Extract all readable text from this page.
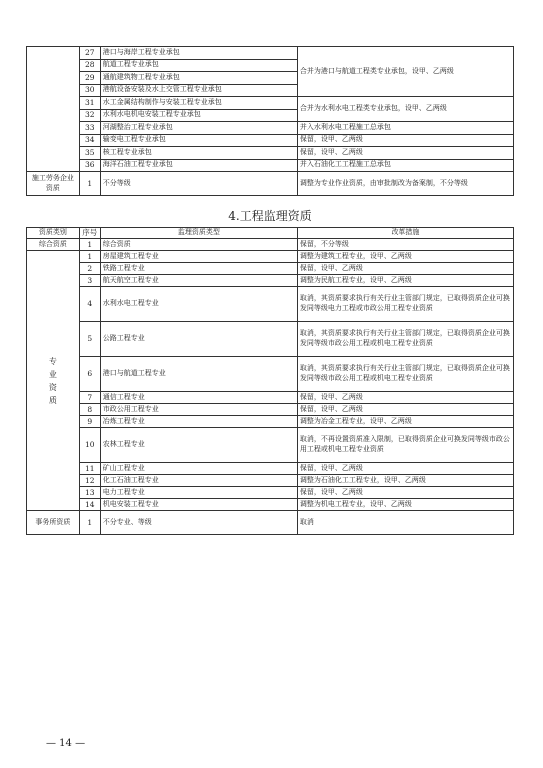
	27	港口与海岸工程专业承包	合并为港口与航道工程类专业承包，设甲、乙两级
	28	航道工程专业承包	
	29	通航建筑物工程专业承包	
	30	港航设备安装及水上交管工程专业承包	
	31	水工金属结构制作与安装工程专业承包	合并为水利水电工程类专业承包，设甲、乙两级
	32	水利水电机电安装工程专业承包	
	33	河湖整治工程专业承包	并入水利水电工程施工总承包
	34	输变电工程专业承包	保留，设甲、乙两级
	35	核工程专业承包	保留，设甲、乙两级
	36	海洋石油工程专业承包	并入石油化工工程施工总承包
施工劳务企业资质	1	不分等级	调整为专业作业资质，由审批制改为备案制，不分等级
4.工程监理资质
资质类别	序号	监理资质类型	改革措施
综合资质	1	综合资质	保留，不分等级
专业资质	1	房屋建筑工程专业	调整为建筑工程专业，设甲、乙两级
	2	铁路工程专业	保留，设甲、乙两级
	3	航天航空工程专业	调整为民航工程专业，设甲、乙两级
	4	水利水电工程专业	取消，其资质要求执行有关行业主管部门规定，已取得资质企业可换发同等级电力工程或市政公用工程专业资质
	5	公路工程专业	取消，其资质要求执行有关行业主管部门规定，已取得资质企业可换发同等级市政公用工程或机电工程专业资质
	6	港口与航道工程专业	取消，其资质要求执行有关行业主管部门规定，已取得资质企业可换发同等级市政公用工程或机电工程专业资质
	7	通信工程专业	保留，设甲、乙两级
	8	市政公用工程专业	保留，设甲、乙两级
	9	冶炼工程专业	调整为冶金工程专业，设甲、乙两级
	10	农林工程专业	取消，不再设置资质准入限制，已取得资质企业可换发同等级市政公用工程或机电工程专业资质
	11	矿山工程专业	保留，设甲、乙两级
	12	化工石油工程专业	调整为石油化工工程专业，设甲、乙两级
	13	电力工程专业	保留，设甲、乙两级
	14	机电安装工程专业	调整为机电工程专业，设甲、乙两级
事务所资质	1	不分专业、等级	取消
— 14 —
